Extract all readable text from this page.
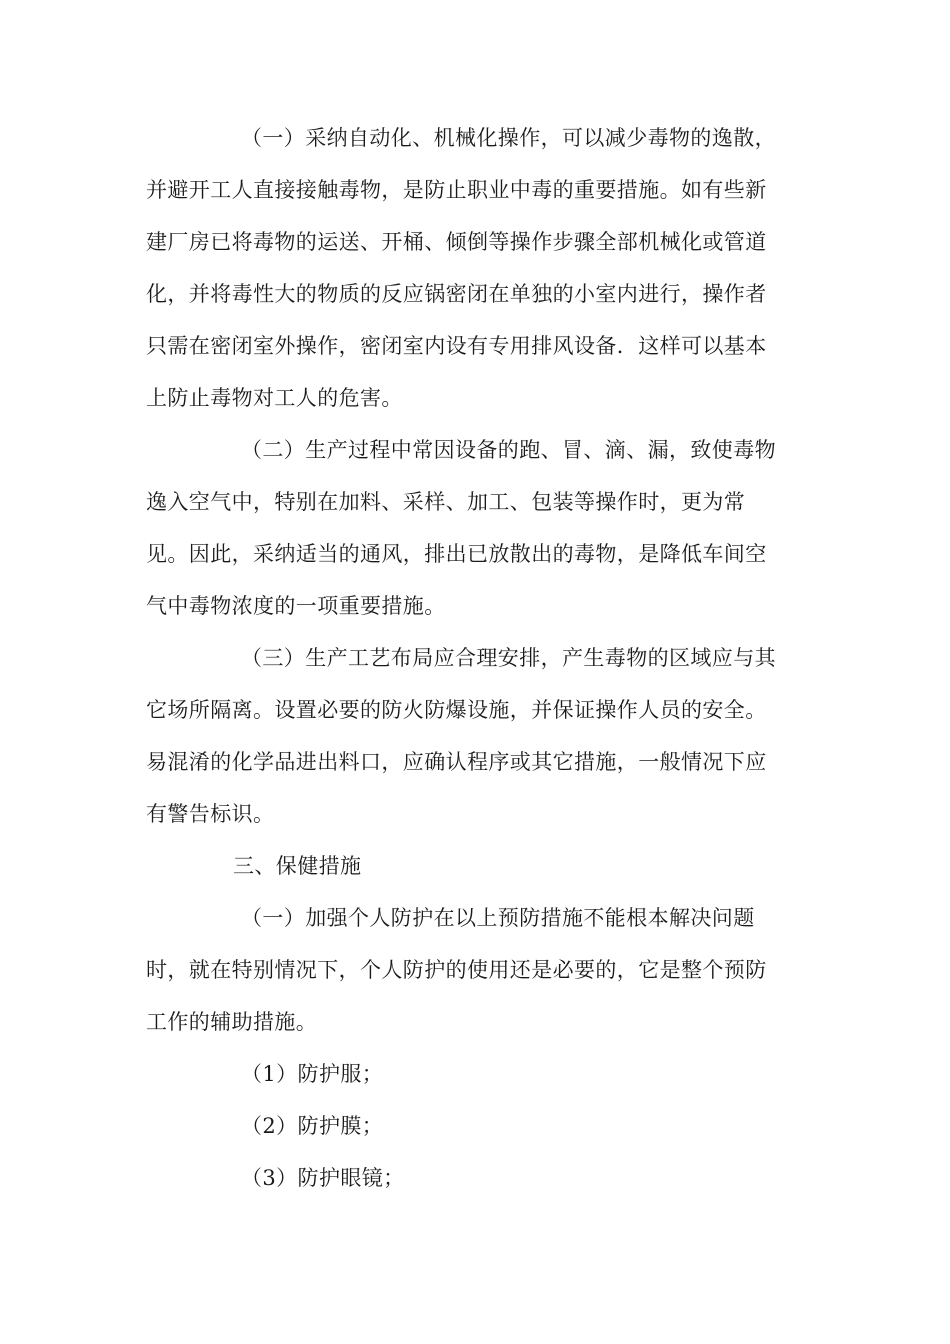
（一）采纳自动化、机械化操作，可以减少毒物的逸散，
并避开工人直接接触毒物，是防止职业中毒的重要措施。如有些新
建厂房已将毒物的运送、开桶、倾倒等操作步骤全部机械化或管道
化，并将毒性大的物质的反应锅密闭在单独的小室内进行，操作者
只需在密闭室外操作，密闭室内设有专用排风设备．这样可以基本
上防止毒物对工人的危害。
（二）生产过程中常因设备的跑、冒、滴、漏，致使毒物
逸入空气中，特别在加料、采样、加工、包装等操作时，更为常
见。因此，采纳适当的通风，排出已放散出的毒物，是降低车间空
气中毒物浓度的一项重要措施。
（三）生产工艺布局应合理安排，产生毒物的区域应与其
它场所隔离。设置必要的防火防爆设施，并保证操作人员的安全。
易混淆的化学品进出料口，应确认程序或其它措施，一般情况下应
有警告标识。
三、保健措施
（一）加强个人防护在以上预防措施不能根本解决问题
时，就在特别情况下，个人防护的使用还是必要的，它是整个预防
工作的辅助措施。
（1）防护服；
（2）防护膜；
（3）防护眼镜；
